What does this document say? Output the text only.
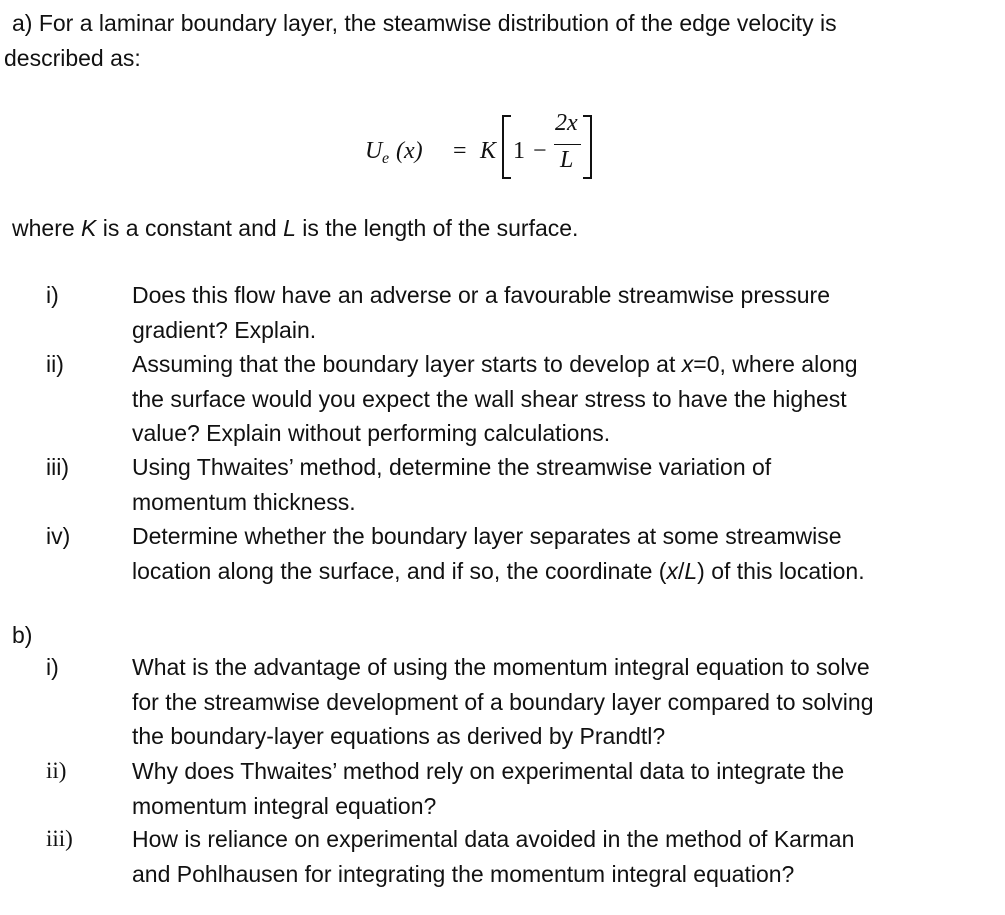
a) For a laminar boundary layer, the steamwise distribution of the edge velocity is
described as:
U e (x) = K 1 −
2x
L
where K is a constant and L is the length of the surface.
i)	Does this flow have an adverse or a favourable streamwise pressure

gradient? Explain.

ii)	Assuming that the boundary layer starts to develop at x=0, where along

the surface would you expect the wall shear stress to have the highest

value? Explain without performing calculations.

iii)	Using Thwaites’ method, determine the streamwise variation of

momentum thickness.

iv)	Determine whether the boundary layer separates at some streamwise

location along the surface, and if so, the coordinate (x/L) of this location.

b)
i)	What is the advantage of using the momentum integral equation to solve

for the streamwise development of a boundary layer compared to solving

the boundary-layer equations as derived by Prandtl?

ii)	Why does Thwaites’ method rely on experimental data to integrate the

momentum integral equation?

iii)	How is reliance on experimental data avoided in the method of Karman

and Pohlhausen for integrating the momentum integral equation?
